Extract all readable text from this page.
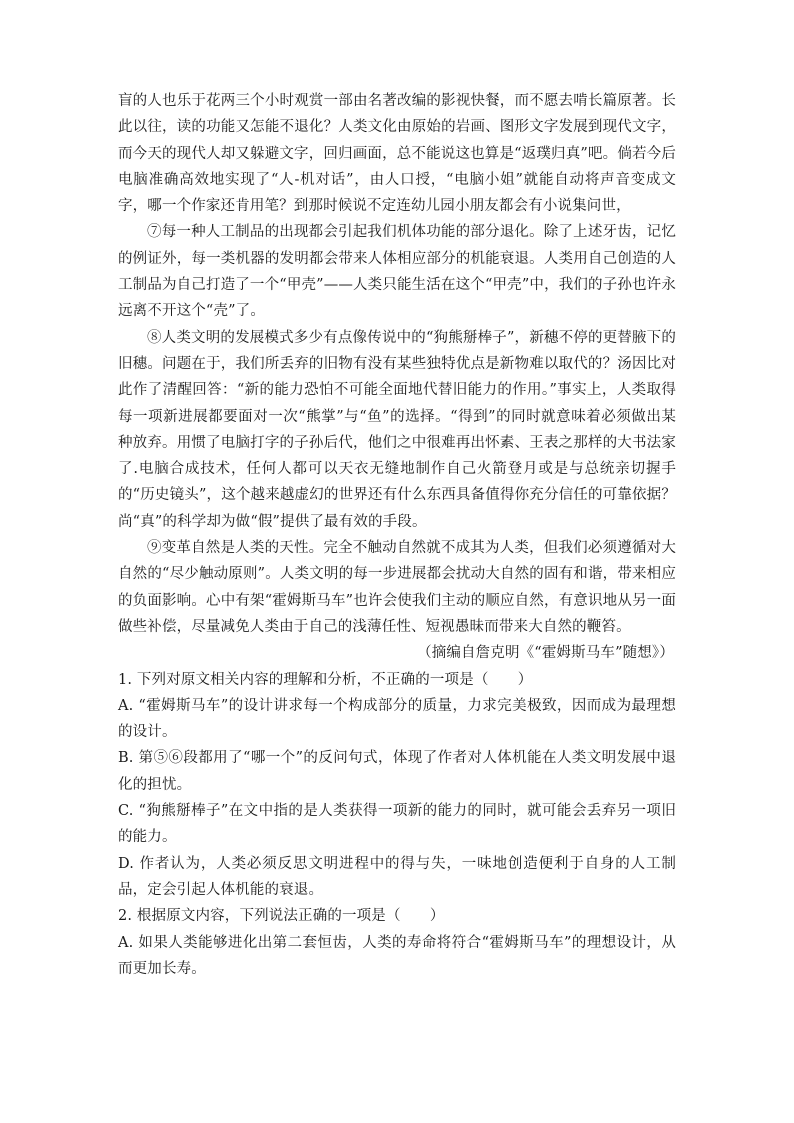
盲的人也乐于花两三个小时观赏一部由名著改编的影视快餐，而不愿去啃长篇原著。长此以往，读的功能又怎能不退化？人类文化由原始的岩画、图形文字发展到现代文字，而今天的现代人却又躲避文字，回归画面，总不能说这也算是“返璞归真”吧。倘若今后电脑准确高效地实现了“人-机对话”，由人口授，“电脑小姐”就能自动将声音变成文字，哪一个作家还肯用笔？到那时候说不定连幼儿园小朋友都会有小说集问世，

⑦每一种人工制品的出现都会引起我们机体功能的部分退化。除了上述牙齿，记忆的例证外，每一类机器的发明都会带来人体相应部分的机能衰退。人类用自己创造的人工制品为自己打造了一个“甲壳”——人类只能生活在这个“甲壳”中，我们的子孙也许永远离不开这个“壳”了。

⑧人类文明的发展模式多少有点像传说中的“狗熊掰棒子”，新穗不停的更替腋下的旧穗。问题在于，我们所丢弃的旧物有没有某些独特优点是新物难以取代的？汤因比对此作了清醒回答：“新的能力恐怕不可能全面地代替旧能力的作用。”事实上，人类取得每一项新进展都要面对一次“熊掌”与“鱼”的选择。“得到”的同时就意味着必须做出某种放弃。用惯了电脑打字的子孙后代，他们之中很难再出怀素、王表之那样的大书法家了.电脑合成技术，任何人都可以天衣无缝地制作自己火箭登月或是与总统亲切握手的“历史镜头”，这个越来越虚幻的世界还有什么东西具备值得你充分信任的可靠依据？尚“真”的科学却为做“假”提供了最有效的手段。

⑨变革自然是人类的天性。完全不触动自然就不成其为人类，但我们必须遵循对大自然的“尽少触动原则”。人类文明的每一步进展都会扰动大自然的固有和谐，带来相应的负面影响。心中有架“霍姆斯马车”也许会使我们主动的顺应自然，有意识地从另一面做些补偿，尽量减免人类由于自己的浅薄任性、短视愚昧而带来大自然的鞭笞。

（摘编自詹克明《“霍姆斯马车”随想》）

1. 下列对原文相关内容的理解和分析，不正确的一项是（　　）

A. “霍姆斯马车”的设计讲求每一个构成部分的质量，力求完美极致，因而成为最理想的设计。

B. 第⑤⑥段都用了“哪一个”的反问句式，体现了作者对人体机能在人类文明发展中退化的担忧。

C. “狗熊掰棒子”在文中指的是人类获得一项新的能力的同时，就可能会丢弃另一项旧的能力。

D. 作者认为，人类必须反思文明进程中的得与失，一味地创造便利于自身的人工制品，定会引起人体机能的衰退。

2. 根据原文内容，下列说法正确的一项是（　　）

A. 如果人类能够进化出第二套恒齿，人类的寿命将符合“霍姆斯马车”的理想设计，从而更加长寿。
